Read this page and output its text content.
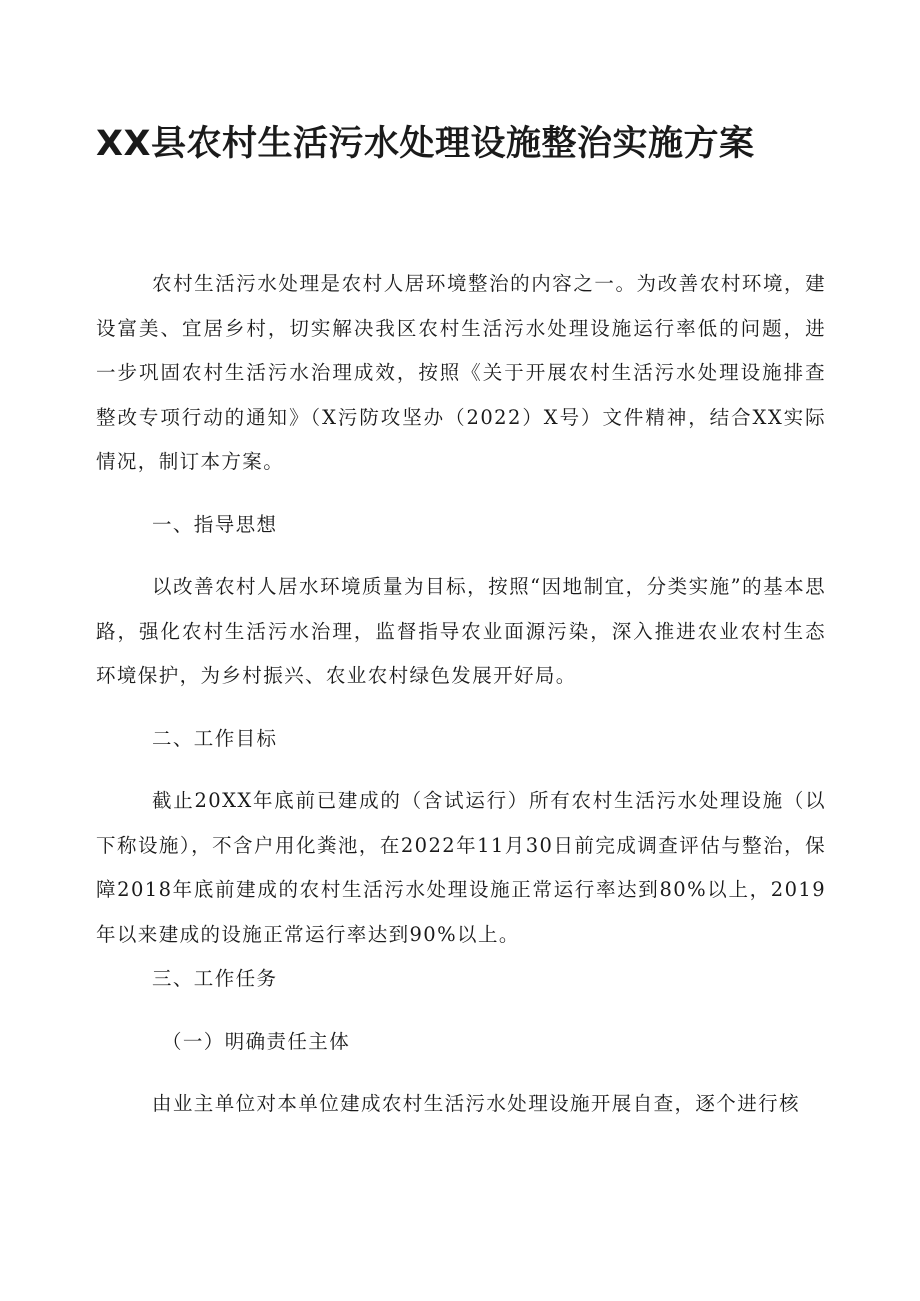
XX县农村生活污水处理设施整治实施方案

农村生活污水处理是农村人居环境整治的内容之一。为改善农村环境，建设富美、宜居乡村，切实解决我区农村生活污水处理设施运行率低的问题，进一步巩固农村生活污水治理成效，按照《关于开展农村生活污水处理设施排查整改专项行动的通知》（X污防攻坚办（2022）X号）文件精神，结合XX实际情况，制订本方案。

一、指导思想

以改善农村人居水环境质量为目标，按照“因地制宜，分类实施”的基本思路，强化农村生活污水治理，监督指导农业面源污染，深入推进农业农村生态环境保护，为乡村振兴、农业农村绿色发展开好局。

二、工作目标

截止20XX年底前已建成的（含试运行）所有农村生活污水处理设施（以下称设施），不含户用化粪池，在2022年11月30日前完成调查评估与整治，保障2018年底前建成的农村生活污水处理设施正常运行率达到80%以上，2019年以来建成的设施正常运行率达到90%以上。

三、工作任务

（一）明确责任主体

由业主单位对本单位建成农村生活污水处理设施开展自查，逐个进行核
